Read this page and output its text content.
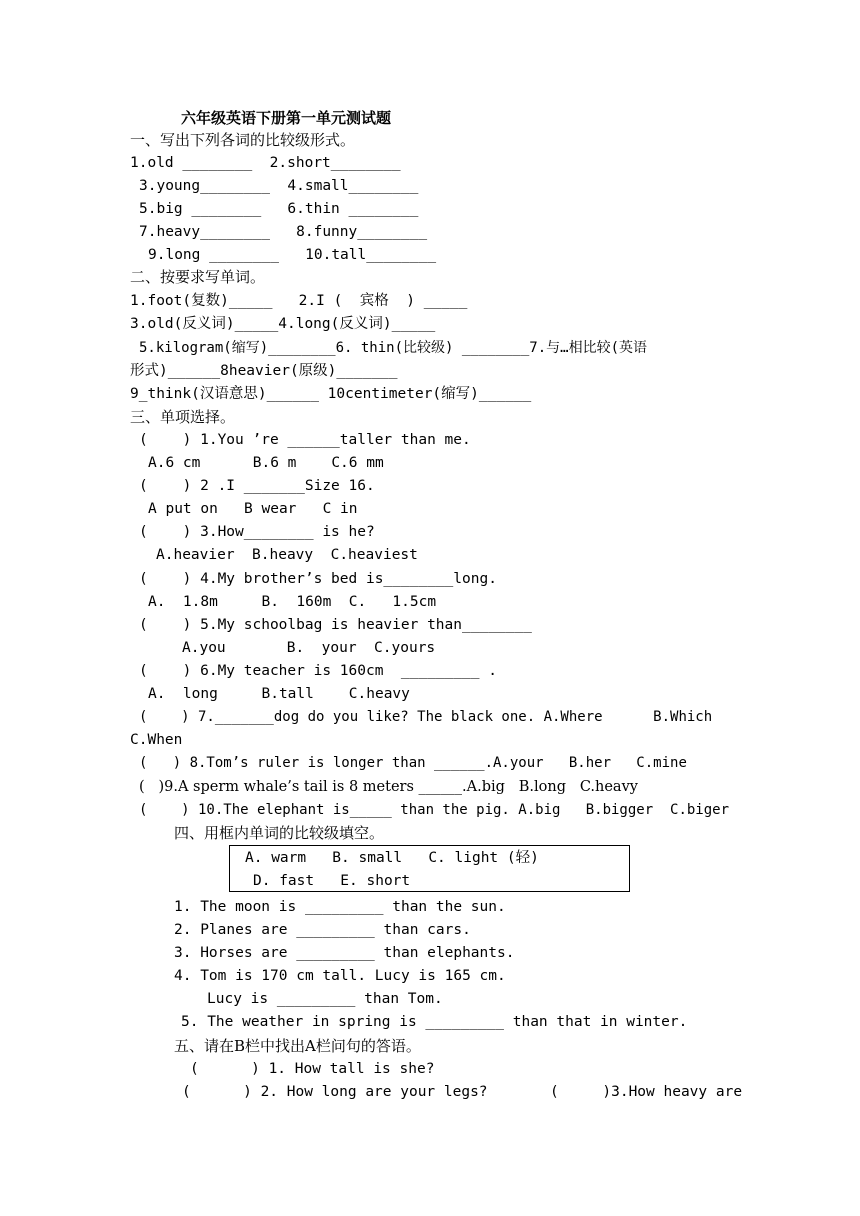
六年级英语下册第一单元测试题
一、写出下列各词的比较级形式。
1.old ________  2.short________
3.young________  4.small________
5.big ________   6.thin ________
7.heavy________   8.funny________
9.long ________   10.tall________
二、按要求写单词。
1.foot(复数)_____   2.I (  宾格  ) _____
3.old(反义词)_____4.long(反义词)_____
5.kilogram(缩写)________6. thin(比较级) ________7.与…相比较(英语
形式)______8heavier(原级)_______
9_think(汉语意思)______ 10centimeter(缩写)______
三、单项选择。
(    ) 1.You ’re ______taller than me.
A.6 cm      B.6 m    C.6 mm
(    ) 2 .I _______Size 16.
A put on   B wear   C in
(    ) 3.How________ is he?
A.heavier  B.heavy  C.heaviest
(    ) 4.My brother’s bed is________long.
A.  1.8m     B.  160m  C.   1.5cm
(    ) 5.My schoolbag is heavier than________
A.you       B.  your  C.yours
(    ) 6.My teacher is 160cm  _________ .
A.  long     B.tall    C.heavy
(    ) 7._______dog do you like? The black one. A.Where      B.Which
C.When
(   ) 8.Tom’s ruler is longer than ______.A.your   B.her   C.mine
(   )9.A sperm whale’s tail is 8 meters ______.A.big   B.long   C.heavy
(    ) 10.The elephant is_____ than the pig. A.big   B.bigger  C.biger
四、用框内单词的比较级填空。
A. warm   B. small   C. light (轻)
D. fast   E. short
1. The moon is _________ than the sun.
2. Planes are _________ than cars.
3. Horses are _________ than elephants.
4. Tom is 170 cm tall. Lucy is 165 cm.
Lucy is _________ than Tom.
5. The weather in spring is _________ than that in winter.
五、请在B栏中找出A栏问句的答语。
(      ) 1. How tall is she?
(      ) 2. How long are your legs?	(     )3.How heavy are
